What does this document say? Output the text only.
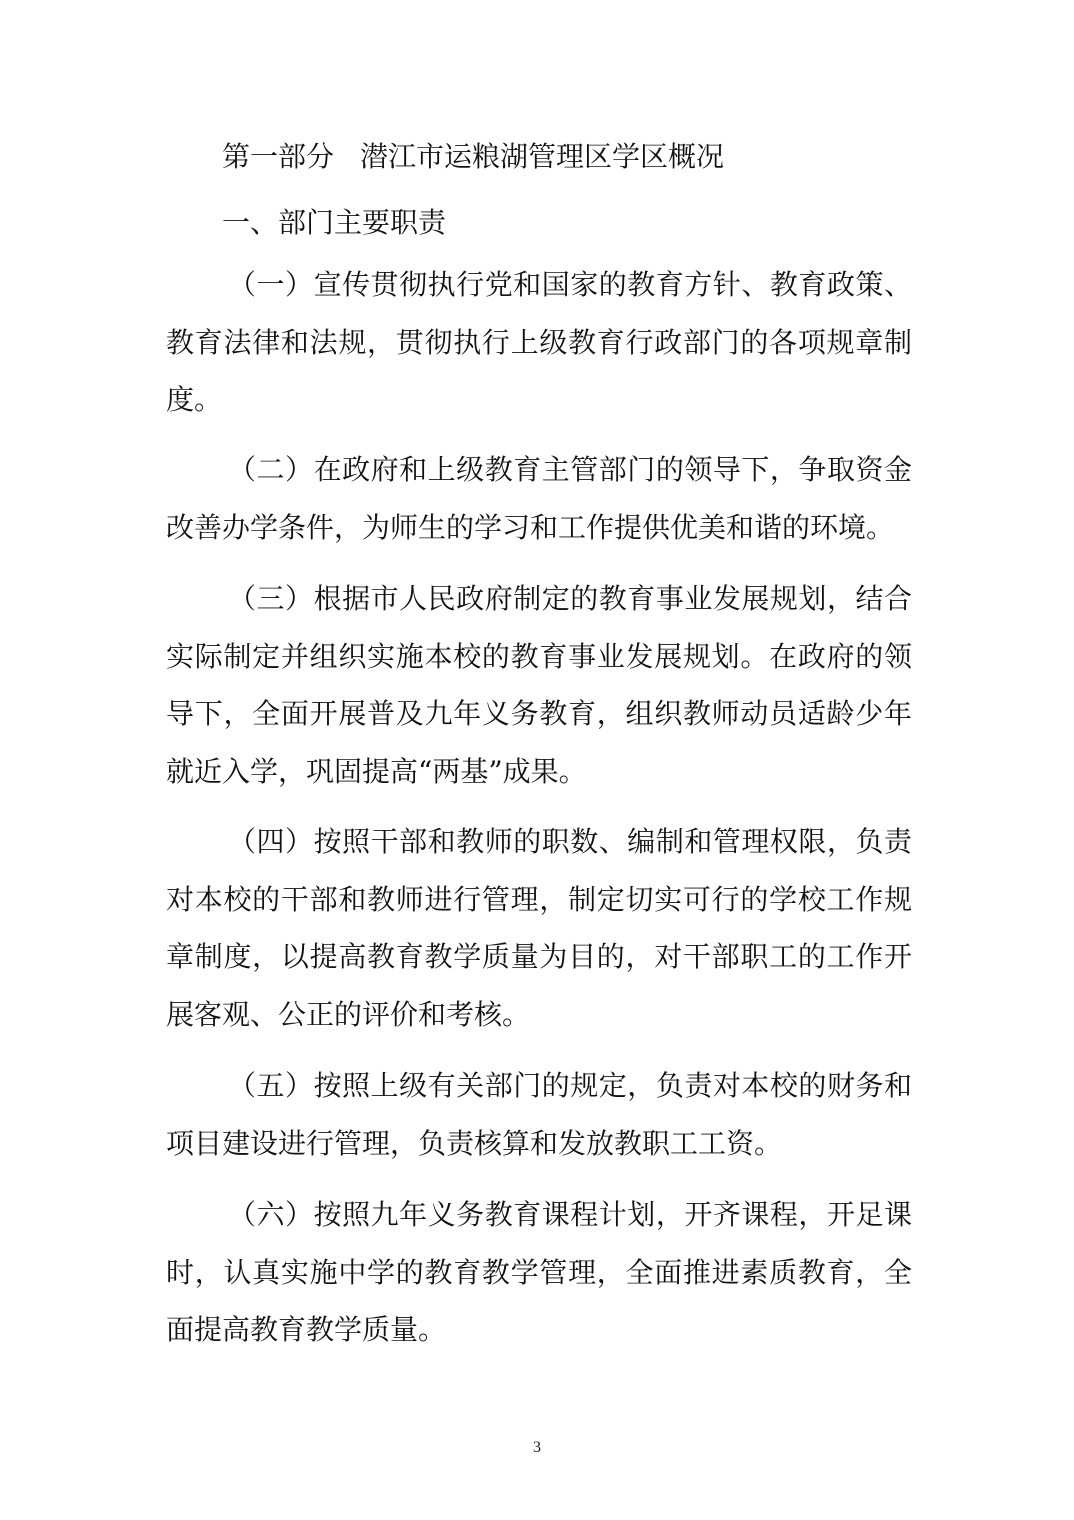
第一部分 潜江市运粮湖管理区学区概况
一、部门主要职责

（一）宣传贯彻执行党和国家的教育方针、教育政策、教育法律和法规，贯彻执行上级教育行政部门的各项规章制度。

（二）在政府和上级教育主管部门的领导下，争取资金改善办学条件，为师生的学习和工作提供优美和谐的环境。

（三）根据市人民政府制定的教育事业发展规划，结合实际制定并组织实施本校的教育事业发展规划。在政府的领导下，全面开展普及九年义务教育，组织教师动员适龄少年就近入学，巩固提高“两基”成果。

（四）按照干部和教师的职数、编制和管理权限，负责对本校的干部和教师进行管理，制定切实可行的学校工作规章制度，以提高教育教学质量为目的，对干部职工的工作开展客观、公正的评价和考核。

（五）按照上级有关部门的规定，负责对本校的财务和项目建设进行管理，负责核算和发放教职工工资。

（六）按照九年义务教育课程计划，开齐课程，开足课时，认真实施中学的教育教学管理，全面推进素质教育，全面提高教育教学质量。

3
